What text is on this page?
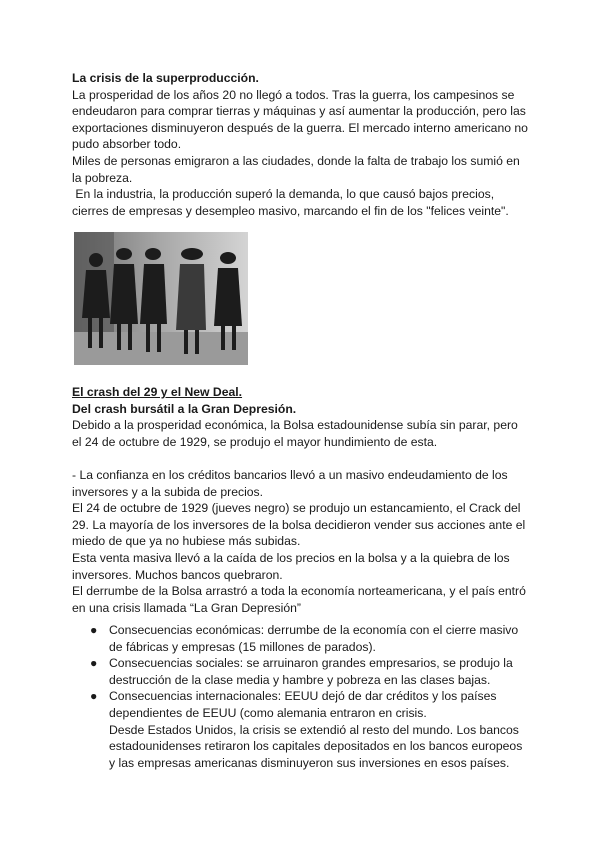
La crisis de la superproducción.

La prosperidad de los años 20 no llegó a todos. Tras la guerra, los campesinos se

endeudaron para comprar tierras y máquinas y así aumentar la producción, pero las

exportaciones disminuyeron después de la guerra. El mercado interno americano no

pudo absorber todo.

Miles de personas emigraron a las ciudades, donde la falta de trabajo los sumió en

la pobreza.

En la industria, la producción superó la demanda, lo que causó bajos precios,

cierres de empresas y desempleo masivo, marcando el fin de los "felices veinte".

El crash del 29 y el New Deal.

Del crash bursátil a la Gran Depresión.

Debido a la prosperidad económica, la Bolsa estadounidense subía sin parar, pero

el 24 de octubre de 1929, se produjo el mayor hundimiento de esta.

- La confianza en los créditos bancarios llevó a un masivo endeudamiento de los

inversores y a la subida de precios.

El 24 de octubre de 1929 (jueves negro) se produjo un estancamiento, el Crack del

29. La mayoría de los inversores de la bolsa decidieron vender sus acciones ante el

miedo de que ya no hubiese más subidas.

Esta venta masiva llevó a la caída de los precios en la bolsa y a la quiebra de los

inversores. Muchos bancos quebraron.

El derrumbe de la Bolsa arrastró a toda la economía norteamericana, y el país entró

en una crisis llamada “La Gran Depresión”

● Consecuencias económicas: derrumbe de la economía con el cierre masivo

de fábricas y empresas (15 millones de parados).

● Consecuencias sociales: se arruinaron grandes empresarios, se produjo la

destrucción de la clase media y hambre y pobreza en las clases bajas.

● Consecuencias internacionales: EEUU dejó de dar créditos y los países

dependientes de EEUU (como alemania entraron en crisis.

Desde Estados Unidos, la crisis se extendió al resto del mundo. Los bancos

estadounidenses retiraron los capitales depositados en los bancos europeos

y las empresas americanas disminuyeron sus inversiones en esos países.
